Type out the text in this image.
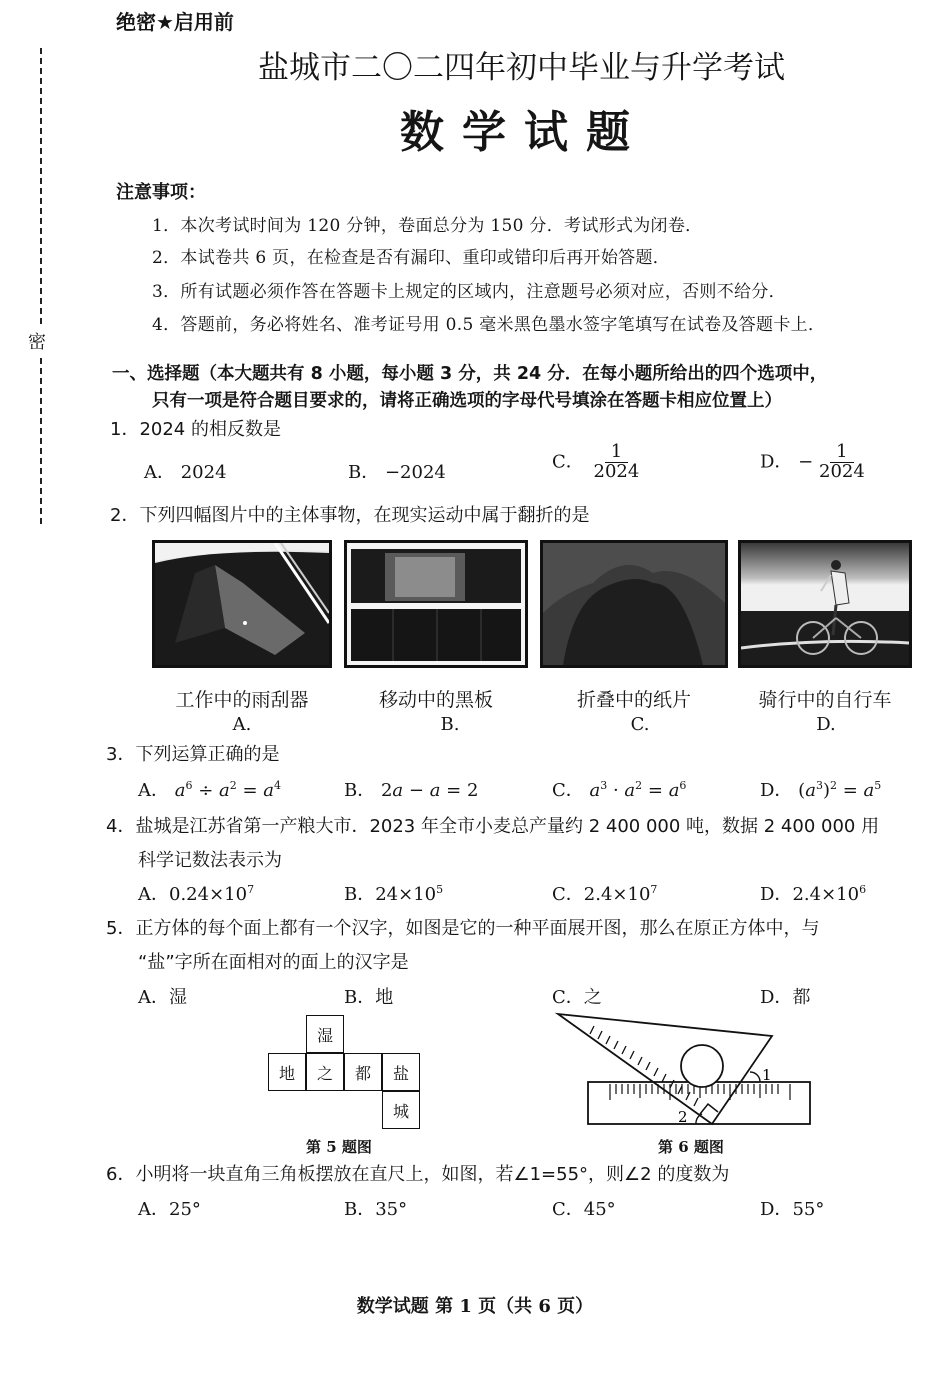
绝密★启用前
盐城市二〇二四年初中毕业与升学考试
数学试题
密
注意事项：
1．本次考试时间为 120 分钟，卷面总分为 150 分．考试形式为闭卷．
2．本试卷共 6 页，在检查是否有漏印、重印或错印后再开始答题．
3．所有试题必须作答在答题卡上规定的区域内，注意题号必须对应，否则不给分．
4．答题前，务必将姓名、准考证号用 0.5 毫米黑色墨水签字笔填写在试卷及答题卡上．
一、选择题（本大题共有 8 小题，每小题 3 分，共 24 分．在每小题所给出的四个选项中，
只有一项是符合题目要求的，请将正确选项的字母代号填涂在答题卡相应位置上）
1．2024 的相反数是
A． 2024	B． −2024
C． $\frac{1}{2024}$	D． − $\frac{1}{2024}$
2．下列四幅图片中的主体事物，在现实运动中属于翻折的是
工作中的雨刮器	移动中的黑板	折叠中的纸片	骑行中的自行车
A.	B.	C.	D.
3．下列运算正确的是
A． $a^6 \div a^2 = a^4$	B． 2a − a = 2	C． $a^3 \cdot a^2 = a^6$	D． $(a^3)^2 = a^5$
4．盐城是江苏省第一产粮大市．2023 年全市小麦总产量约 2 400 000 吨，数据 2 400 000 用
科学记数法表示为
A．$0.24\times 10^7$	B．$24\times 10^5$	C．$2.4\times 10^7$	D．$2.4\times 10^6$
5．正方体的每个面上都有一个汉字，如图是它的一种平面展开图，那么在原正方体中，与
“盐”字所在面相对的面上的汉字是
A．湿	B．地	C．之	D．都
湿
地	之	都	盐
城
第 5 题图
1
2
第 6 题图
6．小明将一块直角三角板摆放在直尺上，如图，若∠1=55°，则∠2 的度数为
A．25°	B．35°	C．45°	D．55°
数学试题 第 1 页（共 6 页）
